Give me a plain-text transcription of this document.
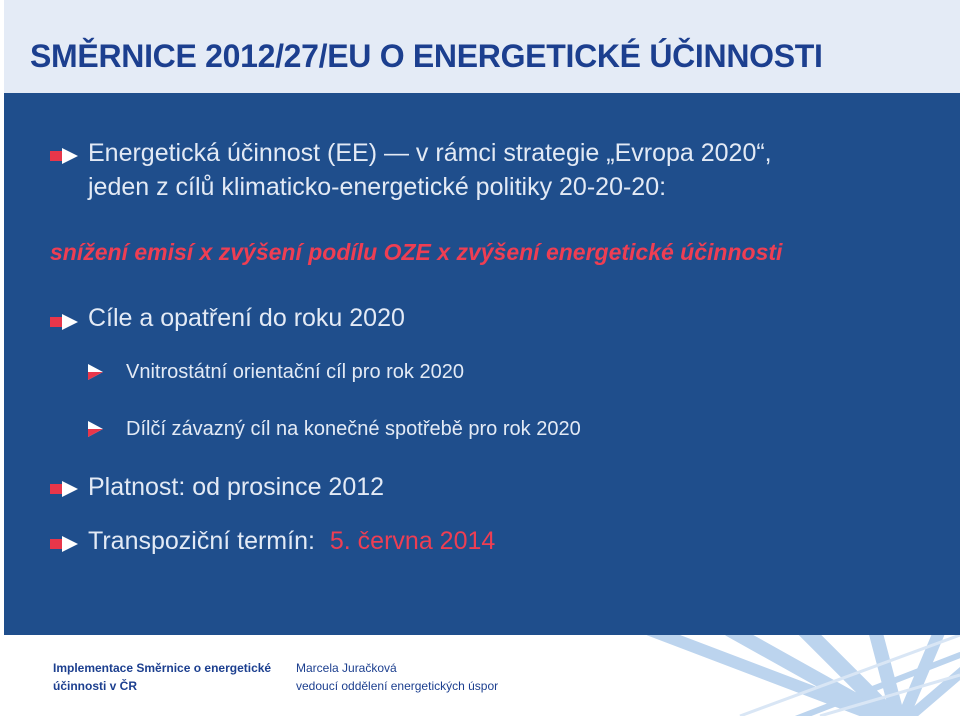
SMĚRNICE 2012/27/EU O ENERGETICKÉ ÚČINNOSTI
Energetická účinnost (EE) — v rámci strategie „Evropa 2020“,
jeden z cílů klimaticko-energetické politiky 20-20-20:
snížení emisí x zvýšení podílu OZE x zvýšení energetické účinnosti
Cíle a opatření do roku 2020
Vnitrostátní orientační cíl pro rok 2020
Dílčí závazný cíl na konečné spotřebě pro rok 2020
Platnost: od prosince 2012
Transpoziční termín: 5. června 2014
Implementace Směrnice o energetické
účinnosti v ČR
Marcela Juračková
vedoucí oddělení energetických úspor
